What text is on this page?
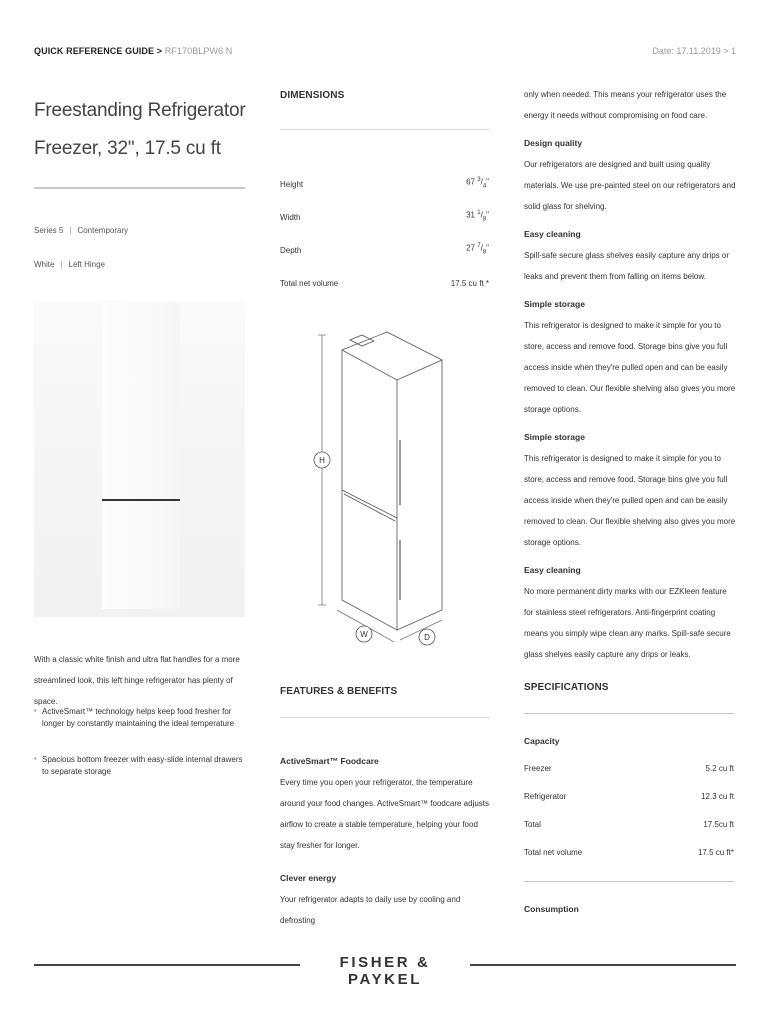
QUICK REFERENCE GUIDE > RF170BLPW6 N	Date: 17.11.2019 > 1
Freestanding Refrigerator
Freezer, 32", 17.5 cu ft
Series 5 | Contemporary
White | Left Hinge
With a classic white finish and ultra flat handles for a more streamlined look, this left hinge refrigerator has plenty of space.
• ActiveSmart™ technology helps keep food fresher for longer by constantly maintaining the ideal temperature
• Spacious bottom freezer with easy-slide internal drawers to separate storage
DIMENSIONS
Height	67 $^3/_4$"
Width	31 $^1/_8$"
Depth	27 $^7/_8$"
Total net volume	17.5 cu ft *
H
W	D
FEATURES & BENEFITS
ActiveSmart™ Foodcare

Every time you open your refrigerator, the temperature around your food changes. ActiveSmart™ foodcare adjusts airflow to create a stable temperature, helping your food stay fresher for longer.

Clever energy

Your refrigerator adapts to daily use by cooling and defrosting

only when needed. This means your refrigerator uses the energy it needs without compromising on food care.

Design quality

Our refrigerators are designed and built using quality materials. We use pre-painted steel on our refrigerators and solid glass for shelving.

Easy cleaning

Spill-safe secure glass shelves easily capture any drips or leaks and prevent them from falling on items below.

Simple storage

This refrigerator is designed to make it simple for you to store, access and remove food. Storage bins give you full access inside when they're pulled open and can be easily removed to clean. Our flexible shelving also gives you more storage options.

Simple storage

This refrigerator is designed to make it simple for you to store, access and remove food. Storage bins give you full access inside when they're pulled open and can be easily removed to clean. Our flexible shelving also gives you more storage options.

Easy cleaning

No more permanent dirty marks with our EZKleen feature for stainless steel refrigerators. Anti-fingerprint coating means you simply wipe clean any marks. Spill-safe secure glass shelves easily capture any drips or leaks.

SPECIFICATIONS
Capacity
Freezer	5.2 cu ft
Refrigerator	12.3 cu ft
Total	17.5cu ft
Total net volume	17.5 cu ft*
Consumption
FISHER & PAYKEL
